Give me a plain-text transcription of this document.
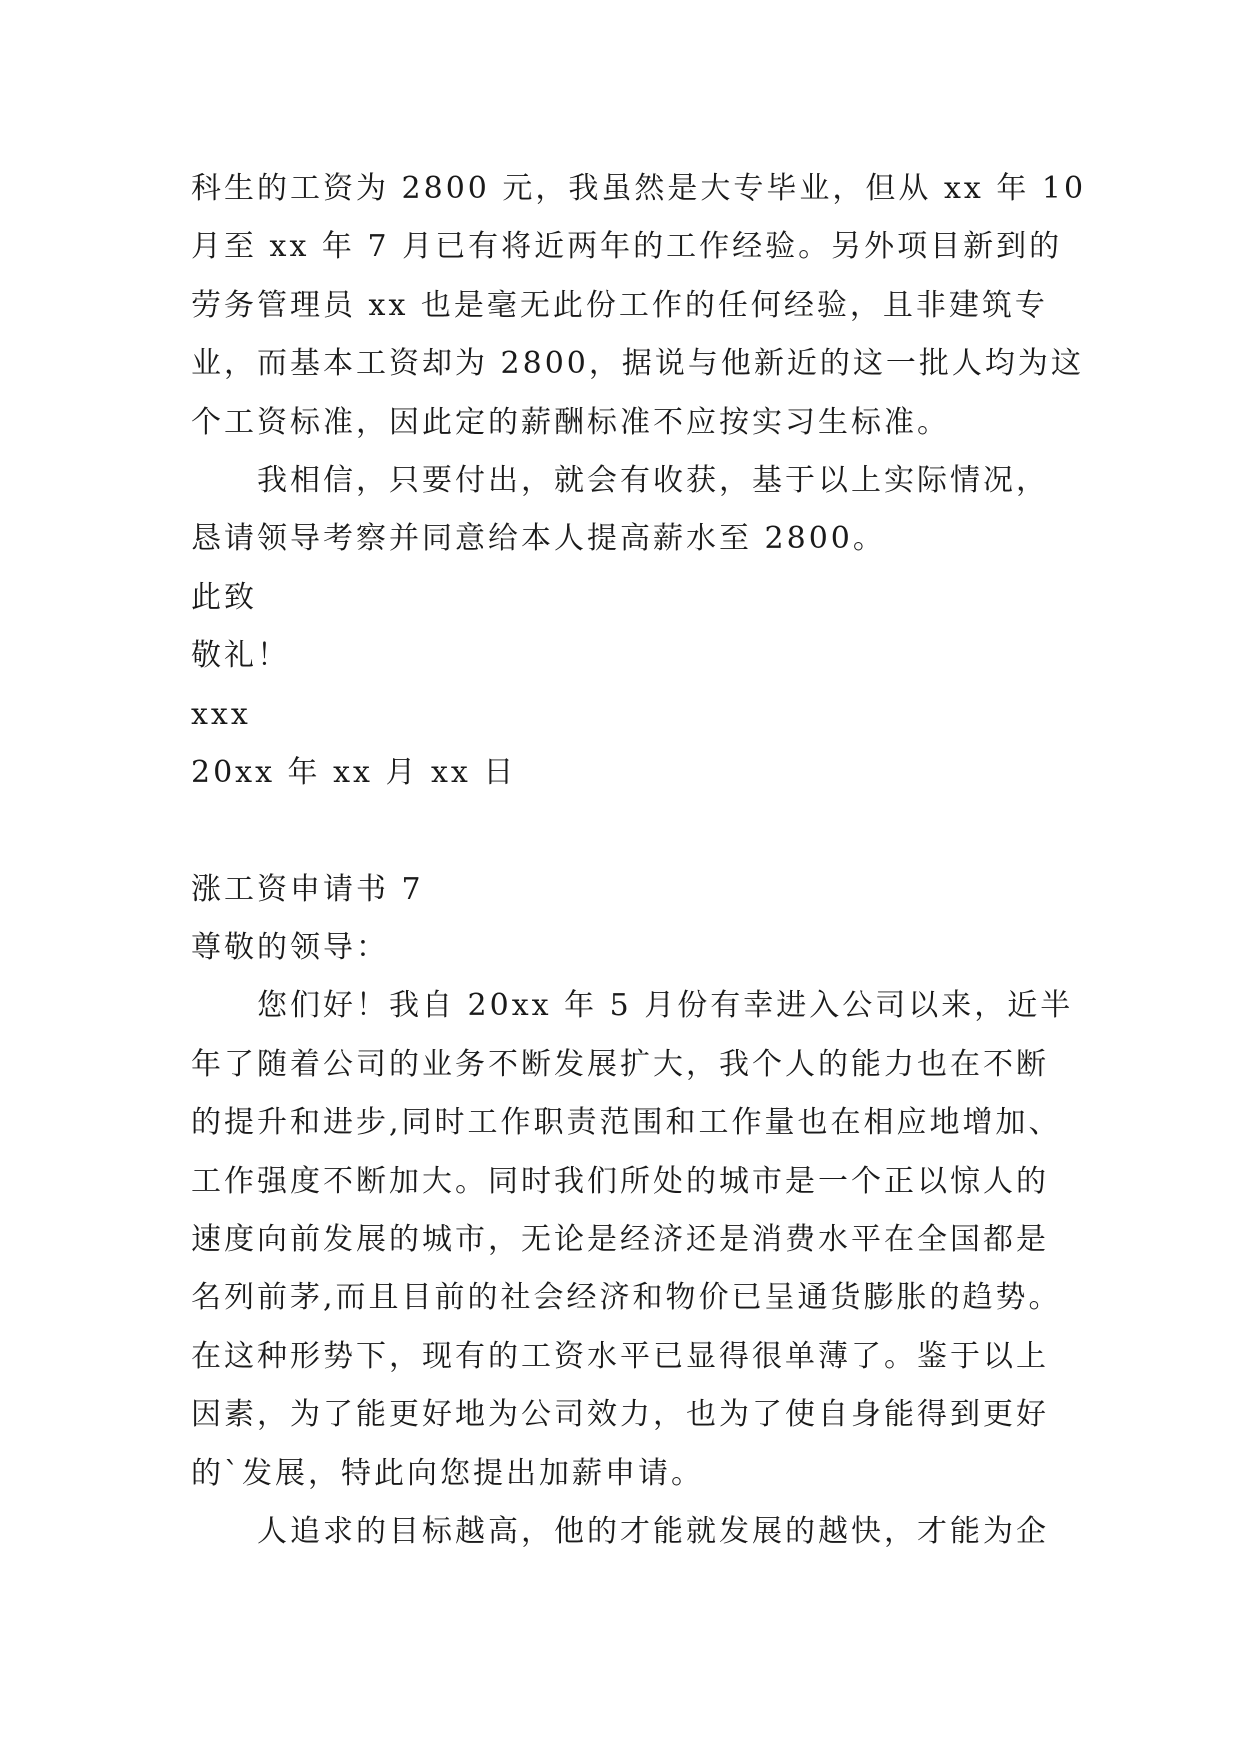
科生的工资为 2800 元，我虽然是大专毕业，但从 xx 年 10
月至 xx 年 7 月已有将近两年的工作经验。另外项目新到的
劳务管理员 xx 也是毫无此份工作的任何经验，且非建筑专
业，而基本工资却为 2800，据说与他新近的这一批人均为这
个工资标准，因此定的薪酬标准不应按实习生标准。
我相信，只要付出，就会有收获，基于以上实际情况，
恳请领导考察并同意给本人提高薪水至 2800。
此致
敬礼！
xxx
20xx 年 xx 月 xx 日
涨工资申请书 7
尊敬的领导：
您们好！我自 20xx 年 5 月份有幸进入公司以来，近半
年了随着公司的业务不断发展扩大，我个人的能力也在不断
的提升和进步,同时工作职责范围和工作量也在相应地增加、
工作强度不断加大。同时我们所处的城市是一个正以惊人的
速度向前发展的城市，无论是经济还是消费水平在全国都是
名列前茅,而且目前的社会经济和物价已呈通货膨胀的趋势。
在这种形势下，现有的工资水平已显得很单薄了。鉴于以上
因素，为了能更好地为公司效力，也为了使自身能得到更好
的`发展，特此向您提出加薪申请。
人追求的目标越高，他的才能就发展的越快，才能为企
